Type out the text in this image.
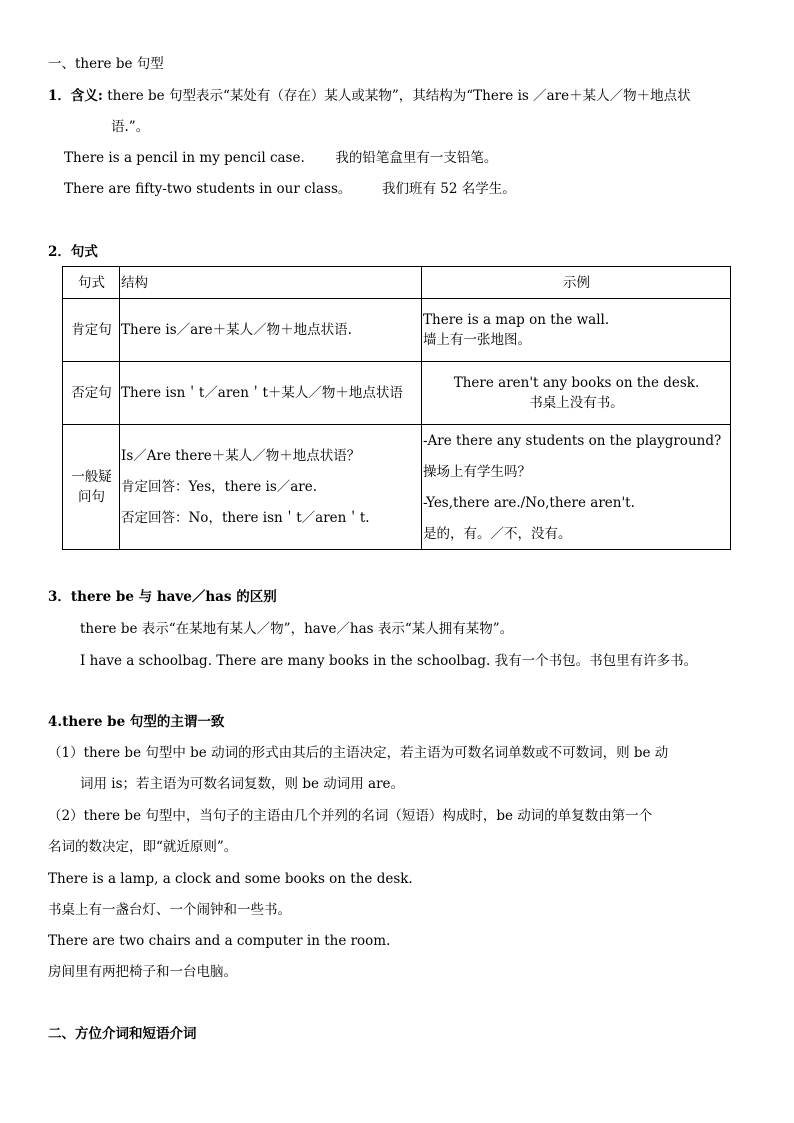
一、there be 句型
1．含义: there be 句型表示“某处有（存在）某人或某物”，其结构为“There is ／are＋某人／物＋地点状
语.”。
There is a pencil in my pencil case. 我的铅笔盒里有一支铅笔。
There are fifty-two students in our class。 我们班有 52 名学生。
2．句式
句式	结构	示例
肯定句	There is／are＋某人／物＋地点状语.	There is a map on the wall.
墙上有一张地图。

否定句	There isn＇t／aren＇t＋某人／物＋地点状语	There aren't any books on the desk.
书桌上没有书。

一般疑
问句	Is／Are there＋某人／物＋地点状语？
肯定回答：Yes，there is／are.
否定回答：No，there isn＇t／aren＇t.	-Are there any students on the playground?
操场上有学生吗？
-Yes,there are./No,there aren't.
是的，有。／不，没有。
3．there be 与 have／has 的区别
there be 表示“在某地有某人／物”，have／has 表示“某人拥有某物”。
I have a schoolbag. There are many books in the schoolbag. 我有一个书包。书包里有许多书。
4.there be 句型的主谓一致
（1）there be 句型中 be 动词的形式由其后的主语决定，若主语为可数名词单数或不可数词，则 be 动
词用 is；若主语为可数名词复数，则 be 动词用 are。
（2）there be 句型中，当句子的主语由几个并列的名词（短语）构成时，be 动词的单复数由第一个
名词的数决定，即“就近原则”。
There is a lamp, a clock and some books on the desk.
书桌上有一盏台灯、一个闹钟和一些书。
There are two chairs and a computer in the room.
房间里有两把椅子和一台电脑。
二、方位介词和短语介词
